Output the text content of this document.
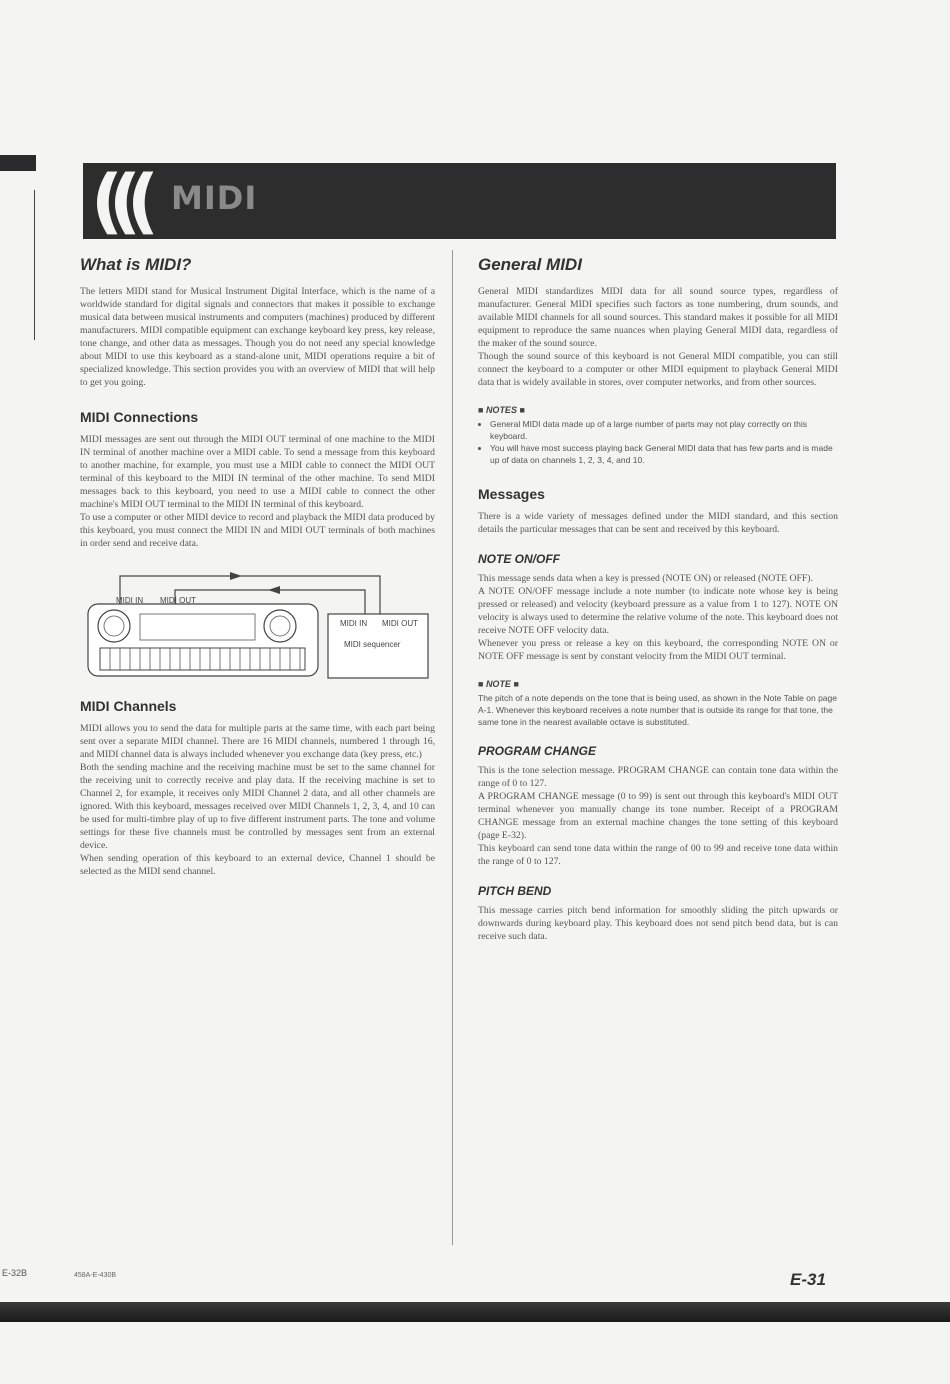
((( MIDI
What is MIDI?

The letters MIDI stand for Musical Instrument Digital Interface, which is the name of a worldwide standard for digital signals and connectors that makes it possible to exchange musical data between musical instruments and computers (machines) produced by different manufacturers. MIDI compatible equipment can exchange keyboard key press, key release, tone change, and other data as messages. Though you do not need any special knowledge about MIDI to use this keyboard as a stand-alone unit, MIDI operations require a bit of specialized knowledge. This section provides you with an overview of MIDI that will help to get you going.

MIDI Connections

MIDI messages are sent out through the MIDI OUT terminal of one machine to the MIDI IN terminal of another machine over a MIDI cable. To send a message from this keyboard to another machine, for example, you must use a MIDI cable to connect the MIDI OUT terminal of this keyboard to the MIDI IN terminal of the other machine. To send MIDI messages back to this keyboard, you need to use a MIDI cable to connect the other machine's MIDI OUT terminal to the MIDI IN terminal of this keyboard.

To use a computer or other MIDI device to record and playback the MIDI data produced by this keyboard, you must connect the MIDI IN and MIDI OUT terminals of both machines in order send and receive data.

MIDI IN MIDI OUT
MIDI IN MIDI OUT
MIDI sequencer
MIDI Channels

MIDI allows you to send the data for multiple parts at the same time, with each part being sent over a separate MIDI channel. There are 16 MIDI channels, numbered 1 through 16, and MIDI channel data is always included whenever you exchange data (key press, etc.)

Both the sending machine and the receiving machine must be set to the same channel for the receiving unit to correctly receive and play data. If the receiving machine is set to Channel 2, for example, it receives only MIDI Channel 2 data, and all other channels are ignored. With this keyboard, messages received over MIDI Channels 1, 2, 3, 4, and 10 can be used for multi-timbre play of up to five different instrument parts. The tone and volume settings for these five channels must be controlled by messages sent from an external device.

When sending operation of this keyboard to an external device, Channel 1 should be selected as the MIDI send channel.

General MIDI

General MIDI standardizes MIDI data for all sound source types, regardless of manufacturer. General MIDI specifies such factors as tone numbering, drum sounds, and available MIDI channels for all sound sources. This standard makes it possible for all MIDI equipment to reproduce the same nuances when playing General MIDI data, regardless of the maker of the sound source.

Though the sound source of this keyboard is not General MIDI compatible, you can still connect the keyboard to a computer or other MIDI equipment to playback General MIDI data that is widely available in stores, over computer networks, and from other sources.

■ NOTES ■
• General MIDI data made up of a large number of parts may not play correctly on this keyboard.
• You will have most success playing back General MIDI data that has few parts and is made up of data on channels 1, 2, 3, 4, and 10.
Messages

There is a wide variety of messages defined under the MIDI standard, and this section details the particular messages that can be sent and received by this keyboard.

NOTE ON/OFF

This message sends data when a key is pressed (NOTE ON) or released (NOTE OFF).

A NOTE ON/OFF message include a note number (to indicate note whose key is being pressed or released) and velocity (keyboard pressure as a value from 1 to 127). NOTE ON velocity is always used to determine the relative volume of the note. This keyboard does not receive NOTE OFF velocity data.

Whenever you press or release a key on this keyboard, the corresponding NOTE ON or NOTE OFF message is sent by constant velocity from the MIDI OUT terminal.

■ NOTE ■

The pitch of a note depends on the tone that is being used, as shown in the Note Table on page A-1. Whenever this keyboard receives a note number that is outside its range for that tone, the same tone in the nearest available octave is substituted.

PROGRAM CHANGE

This is the tone selection message. PROGRAM CHANGE can contain tone data within the range of 0 to 127.

A PROGRAM CHANGE message (0 to 99) is sent out through this keyboard's MIDI OUT terminal whenever you manually change its tone number. Receipt of a PROGRAM CHANGE message from an external machine changes the tone setting of this keyboard (page E-32).

This keyboard can send tone data within the range of 00 to 99 and receive tone data within the range of 0 to 127.

PITCH BEND

This message carries pitch bend information for smoothly sliding the pitch upwards or downwards during keyboard play. This keyboard does not send pitch bend data, but is can receive such data.

E-32B	458A-E-430B	E-31
